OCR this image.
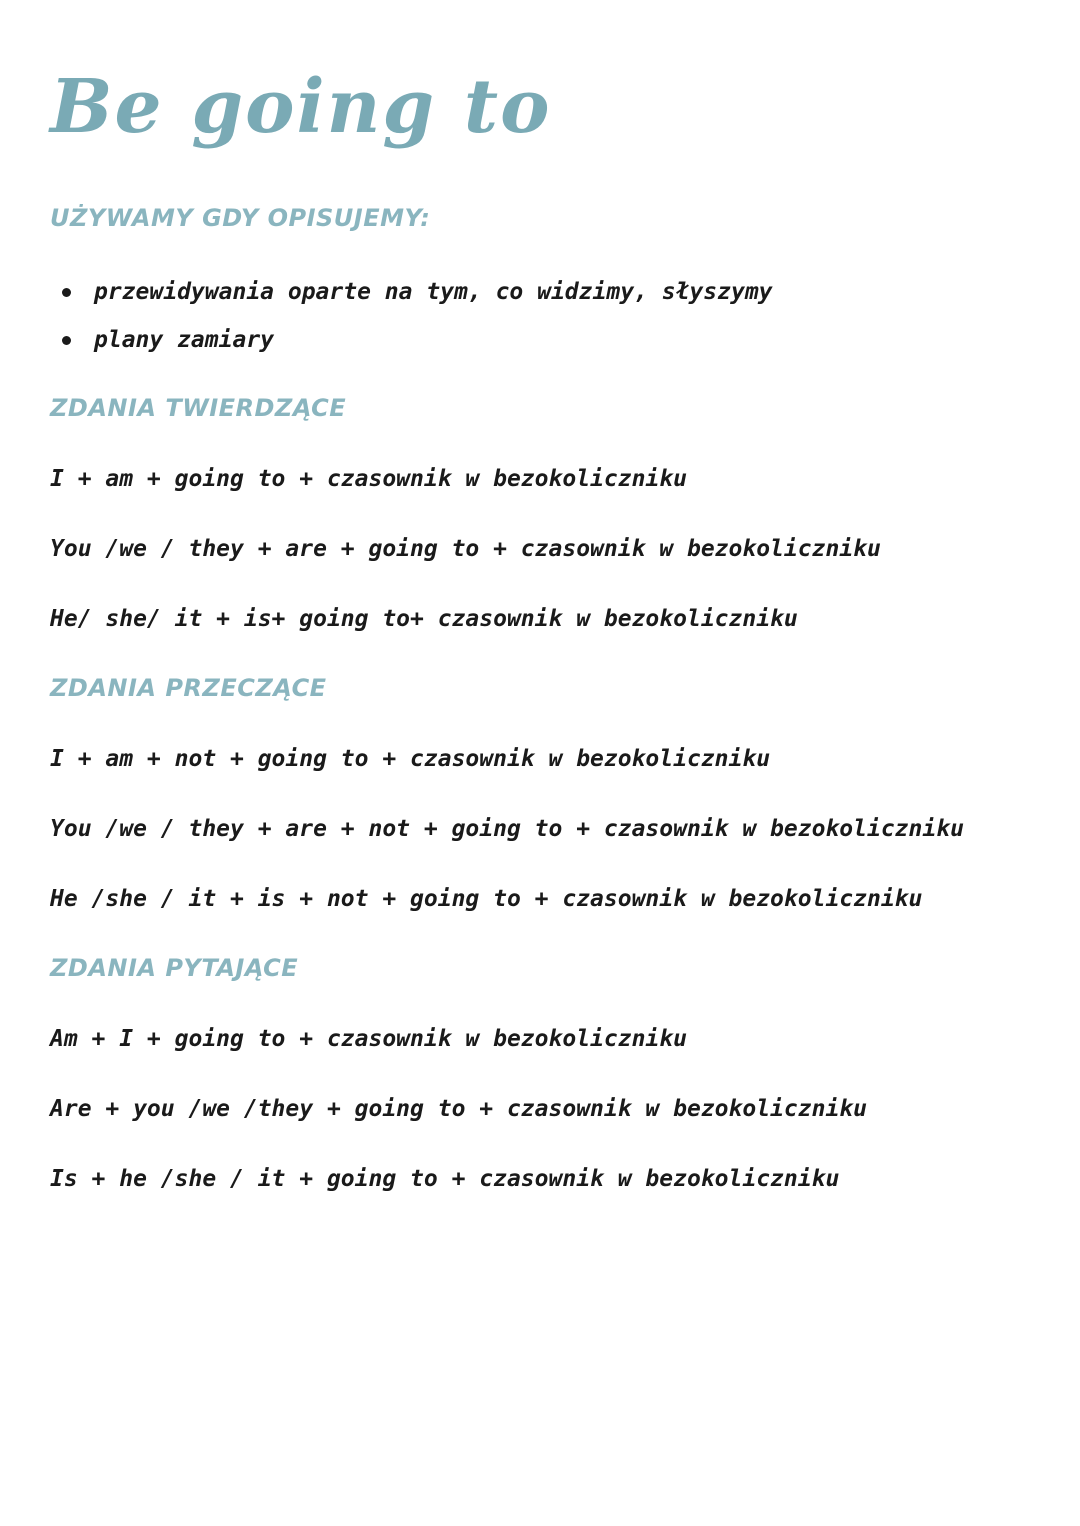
Be going to
UŻYWAMY GDY OPISUJEMY:
przewidywania oparte na tym, co widzimy, słyszymy
plany zamiary
ZDANIA TWIERDZĄCE
I + am + going to + czasownik w bezokoliczniku
You /we / they + are + going to + czasownik w bezokoliczniku
He/ she/ it + is+ going to+ czasownik w bezokoliczniku
ZDANIA PRZECZĄCE
I + am + not + going to + czasownik w bezokoliczniku
You /we / they + are + not + going to + czasownik w bezokoliczniku
He /she / it + is + not + going to + czasownik w bezokoliczniku
ZDANIA PYTAJĄCE
Am + I + going to + czasownik w bezokoliczniku
Are + you /we /they + going to + czasownik w bezokoliczniku
Is + he /she / it + going to + czasownik w bezokoliczniku
